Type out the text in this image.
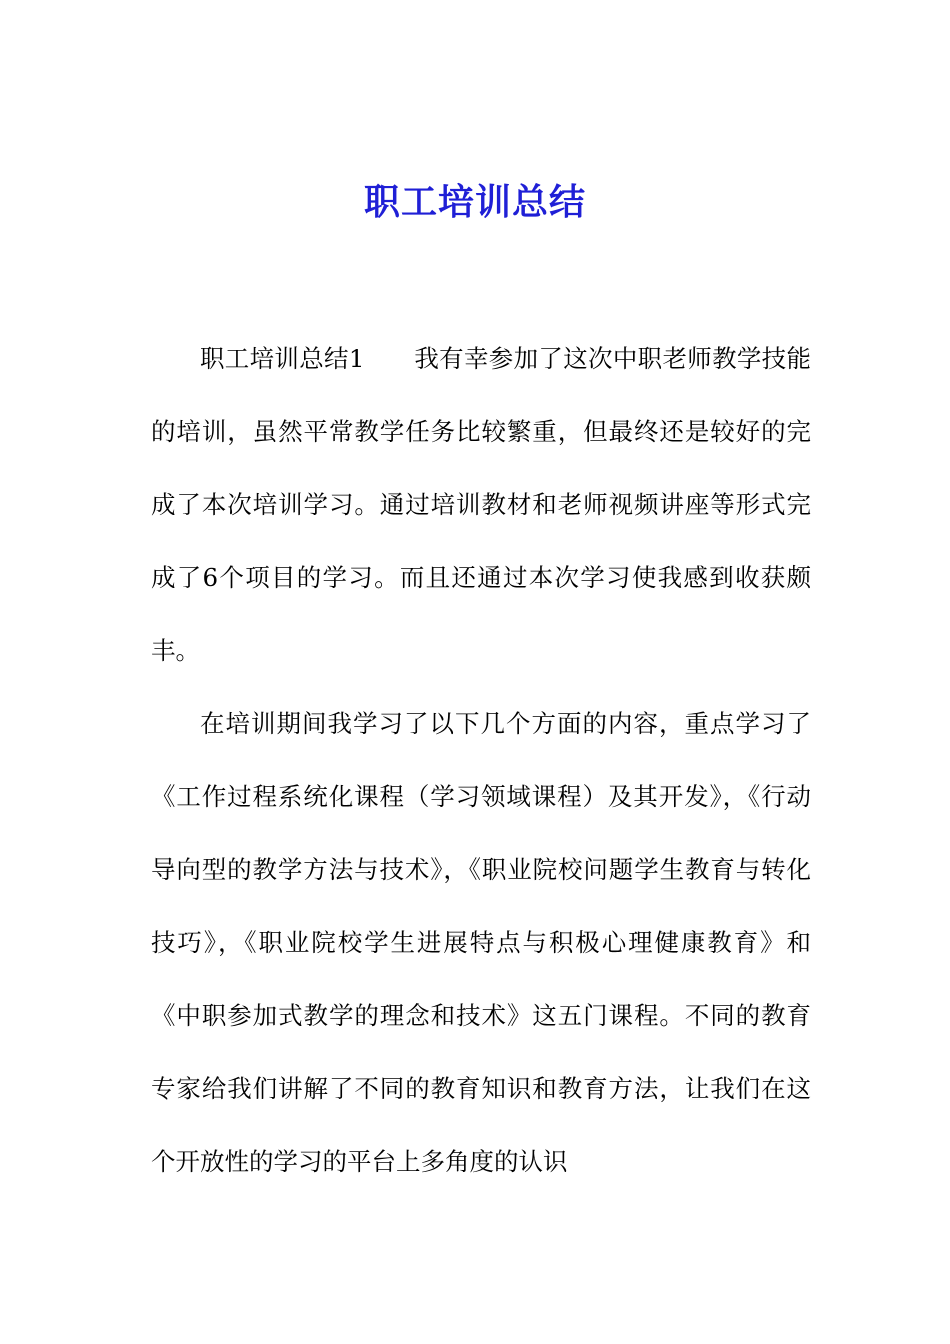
职工培训总结

职工培训总结1　　我有幸参加了这次中职老师教学技能的培训，虽然平常教学任务比较繁重，但最终还是较好的完成了本次培训学习。通过培训教材和老师视频讲座等形式完成了6个项目的学习。而且还通过本次学习使我感到收获颇丰。

在培训期间我学习了以下几个方面的内容，重点学习了《工作过程系统化课程（学习领域课程）及其开发》，《行动导向型的教学方法与技术》，《职业院校问题学生教育与转化技巧》，《职业院校学生进展特点与积极心理健康教育》和《中职参加式教学的理念和技术》这五门课程。不同的教育专家给我们讲解了不同的教育知识和教育方法，让我们在这个开放性的学习的平台上多角度的认识
